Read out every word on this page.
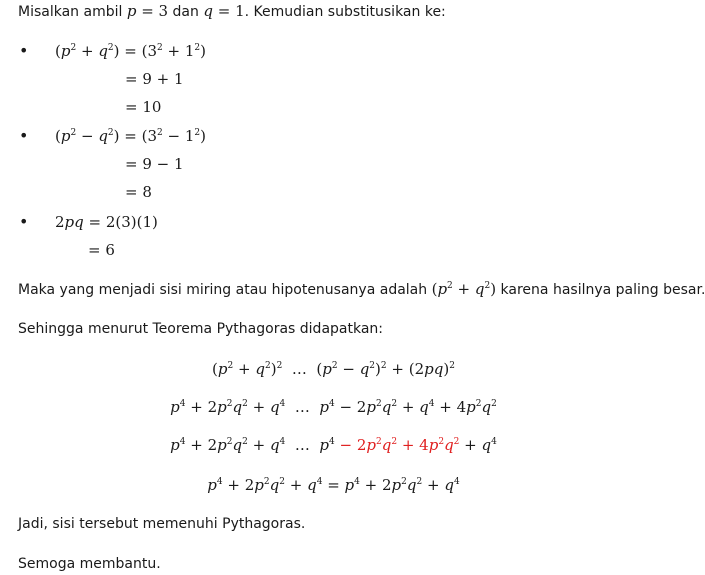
Misalkan ambil p = 3 dan q = 1. Kemudian substitusikan ke:
• $(p^2 + q^2) = (3^2 + 1^2)$
= 9 + 1
= 10
• $(p^2 - q^2) = (3^2 - 1^2)$
= 9 − 1
= 8
• 2pq = 2(3)(1)
= 6
Maka yang menjadi sisi miring atau hipotenusanya adalah $(p^2 + q^2)$ karena hasilnya paling besar.
Sehingga menurut Teorema Pythagoras didapatkan:
$(p^2 + q^2)^2$  …  $(p^2 - q^2)^2 + (2pq)^2$
$p^4 + 2p^2q^2 + q^4$  …  $p^4 - 2p^2q^2 + q^4 + 4p^2q^2$
$p^4 + 2p^2q^2 + q^4$  …  $p^4 - 2p^2q^2 + 4p^2q^2 + q^4$
$p^4 + 2p^2q^2 + q^4 = p^4 + 2p^2q^2 + q^4$
Jadi, sisi tersebut memenuhi Pythagoras.
Semoga membantu.
